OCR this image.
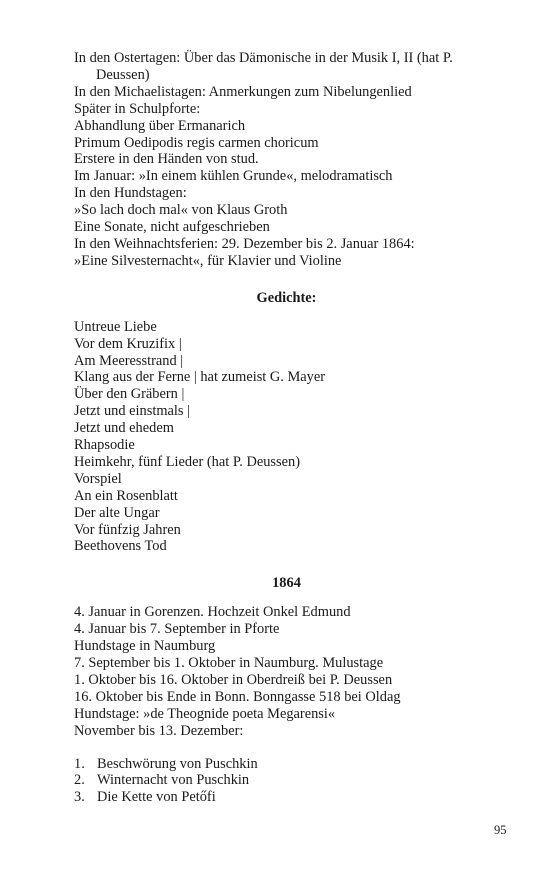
In den Ostertagen: Über das Dämonische in der Musik I, II (hat P. Deussen)
In den Michaelistagen: Anmerkungen zum Nibelungenlied
Später in Schulpforte:
Abhandlung über Ermanarich
Primum Oedipodis regis carmen choricum
Erstere in den Händen von stud.
Im Januar: »In einem kühlen Grunde«, melodramatisch
In den Hundstagen:
»So lach doch mal« von Klaus Groth
Eine Sonate, nicht aufgeschrieben
In den Weihnachtsferien: 29. Dezember bis 2. Januar 1864:
»Eine Silvesternacht«, für Klavier und Violine
Gedichte:
Untreue Liebe
Vor dem Kruzifix |
Am Meeresstrand |
Klang aus der Ferne | hat zumeist G. Mayer
Über den Gräbern |
Jetzt und einstmals |
Jetzt und ehedem
Rhapsodie
Heimkehr, fünf Lieder (hat P. Deussen)
Vorspiel
An ein Rosenblatt
Der alte Ungar
Vor fünfzig Jahren
Beethovens Tod
1864
4. Januar in Gorenzen. Hochzeit Onkel Edmund
4. Januar bis 7. September in Pforte
Hundstage in Naumburg
7. September bis 1. Oktober in Naumburg. Mulustage
1. Oktober bis 16. Oktober in Oberdreiß bei P. Deussen
16. Oktober bis Ende in Bonn. Bonngasse 518 bei Oldag
Hundstage: »de Theognide poeta Megarensi«
November bis 13. Dezember:
1. Beschwörung von Puschkin
2. Winternacht von Puschkin
3. Die Kette von Petőfi
95
